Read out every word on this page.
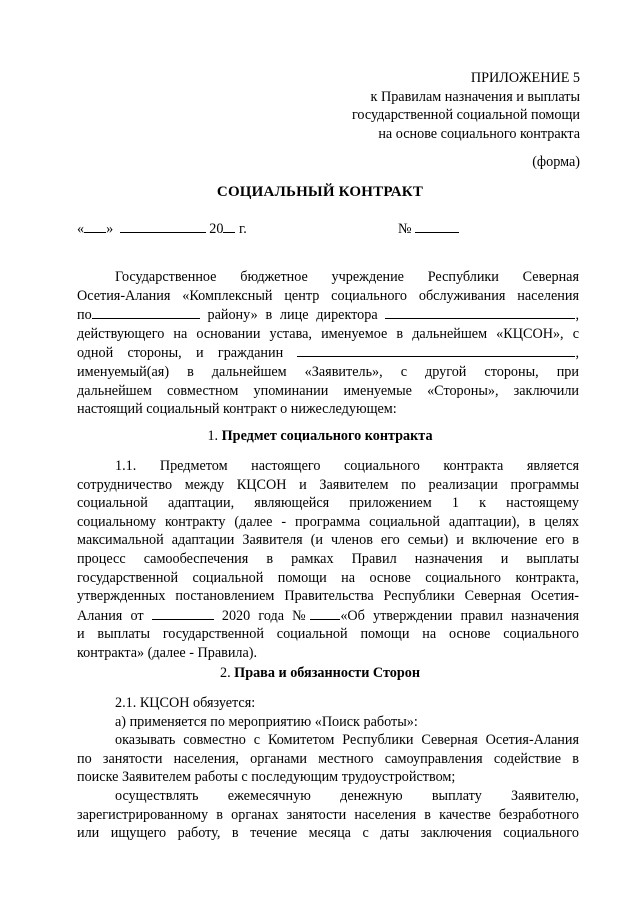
ПРИЛОЖЕНИЕ 5
к Правилам назначения и выплаты
государственной социальной помощи
на основе социального контракта
(форма)
СОЦИАЛЬНЫЙ КОНТРАКТ
« »	20 г.	№

Государственное бюджетное учреждение Республики Северная

Осетия-Алания «Комплексный центр социального обслуживания населения

по	району» в лице директора	,

действующего на основании устава, именуемое в дальнейшем «КЦСОН», с

одной стороны, и гражданин	,

именуемый(ая) в дальнейшем «Заявитель», с другой стороны, при

дальнейшем совместном упоминании именуемые «Стороны», заключили

настоящий социальный контракт о нижеследующем:

1. Предмет социального контракта

1.1. Предметом настоящего социального контракта является

сотрудничество между КЦСОН и Заявителем по реализации программы

социальной адаптации, являющейся приложением 1 к настоящему

социальному контракту (далее - программа социальной адаптации), в целях

максимальной адаптации Заявителя (и членов его семьи) и включение его в

процесс самообеспечения в рамках Правил назначения и выплаты

государственной социальной помощи на основе социального контракта,

утвержденных постановлением Правительства Республики Северная Осетия-

Алания от	2020 года № «Об утверждении правил назначения

и выплаты государственной социальной помощи на основе социального

контракта» (далее - Правила).

2. Права и обязанности Сторон

2.1. КЦСОН обязуется:

а) применяется по мероприятию «Поиск работы»:

оказывать совместно с Комитетом Республики Северная Осетия-Алания

по занятости населения, органами местного самоуправления содействие в

поиске Заявителем работы с последующим трудоустройством;

осуществлять ежемесячную денежную выплату Заявителю,

зарегистрированному в органах занятости населения в качестве безработного

или ищущего работу, в течение месяца с даты заключения социального
